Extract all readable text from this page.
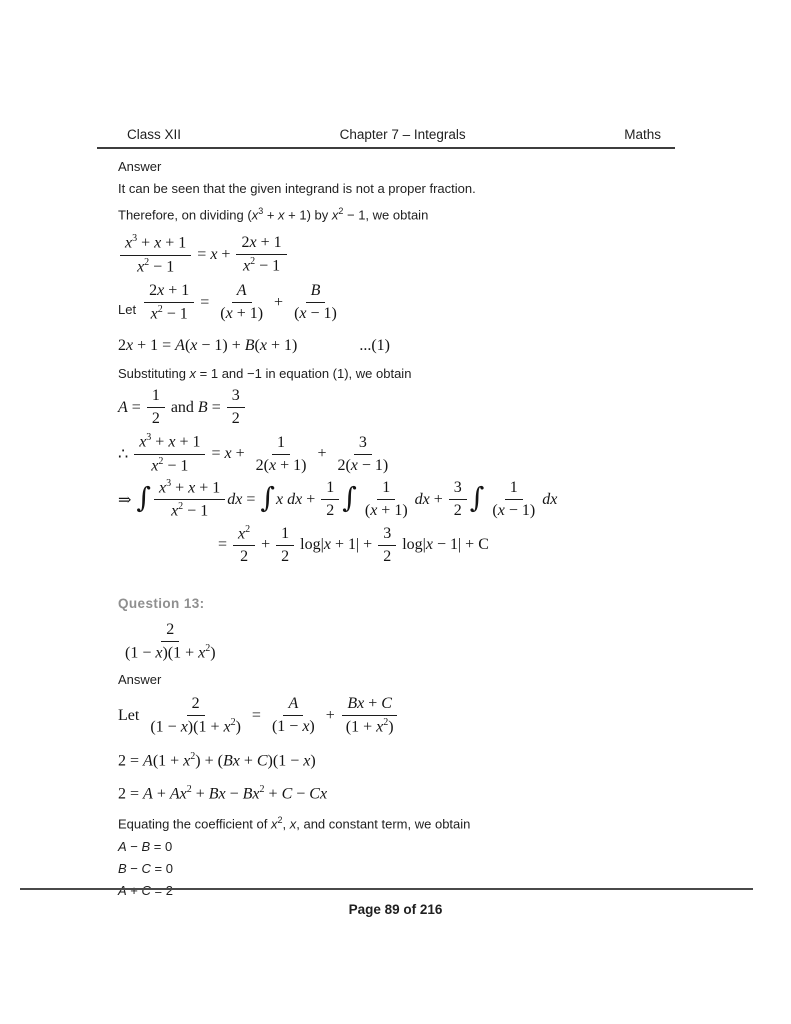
Class XII	Chapter 7 – Integrals	Maths

Answer

It can be seen that the given integrand is not a proper fraction.

Therefore, on dividing $(x^3 + x + 1)$ by $x^2 - 1$, we obtain

$\frac{x^3 + x + 1}{x^2 - 1} = x + \frac{2x + 1}{x^2 - 1}$
Let $\frac{2x + 1}{x^2 - 1} = \frac{A}{(x + 1)} + \frac{B}{(x - 1)}$
2x + 1 = A(x − 1) + B(x + 1)	...(1)

Substituting x = 1 and −1 in equation (1), we obtain

$A = \frac{1}{2}$ and $B = \frac{3}{2}$
∴ $\frac{x^3 + x + 1}{x^2 - 1} = x + \frac{1}{2(x + 1)} + \frac{3}{2(x - 1)}$
⇒ ∫ $\frac{x^3 + x + 1}{x^2 - 1}$ dx = ∫ x dx + $\frac{1}{2}$ ∫ $\frac{1}{(x + 1)}$ dx + $\frac{3}{2}$ ∫ $\frac{1}{(x - 1)}$ dx
= $\frac{x^2}{2} + \frac{1}{2} \log|x + 1| + \frac{3}{2} \log|x - 1| + C$

Question 13:

$\frac{2}{(1 - x)(1 + x^2)}$

Answer

Let $\frac{2}{(1 - x)(1 + x^2)} = \frac{A}{(1 - x)} + \frac{Bx + C}{(1 + x^2)}$
$2 = A(1 + x^2) + (Bx + C)(1 - x)$
$2 = A + Ax^2 + Bx - Bx^2 + C - Cx$

Equating the coefficient of $x^2$, x, and constant term, we obtain

A − B = 0

B − C = 0

A + C = 2

Page 89 of 216
